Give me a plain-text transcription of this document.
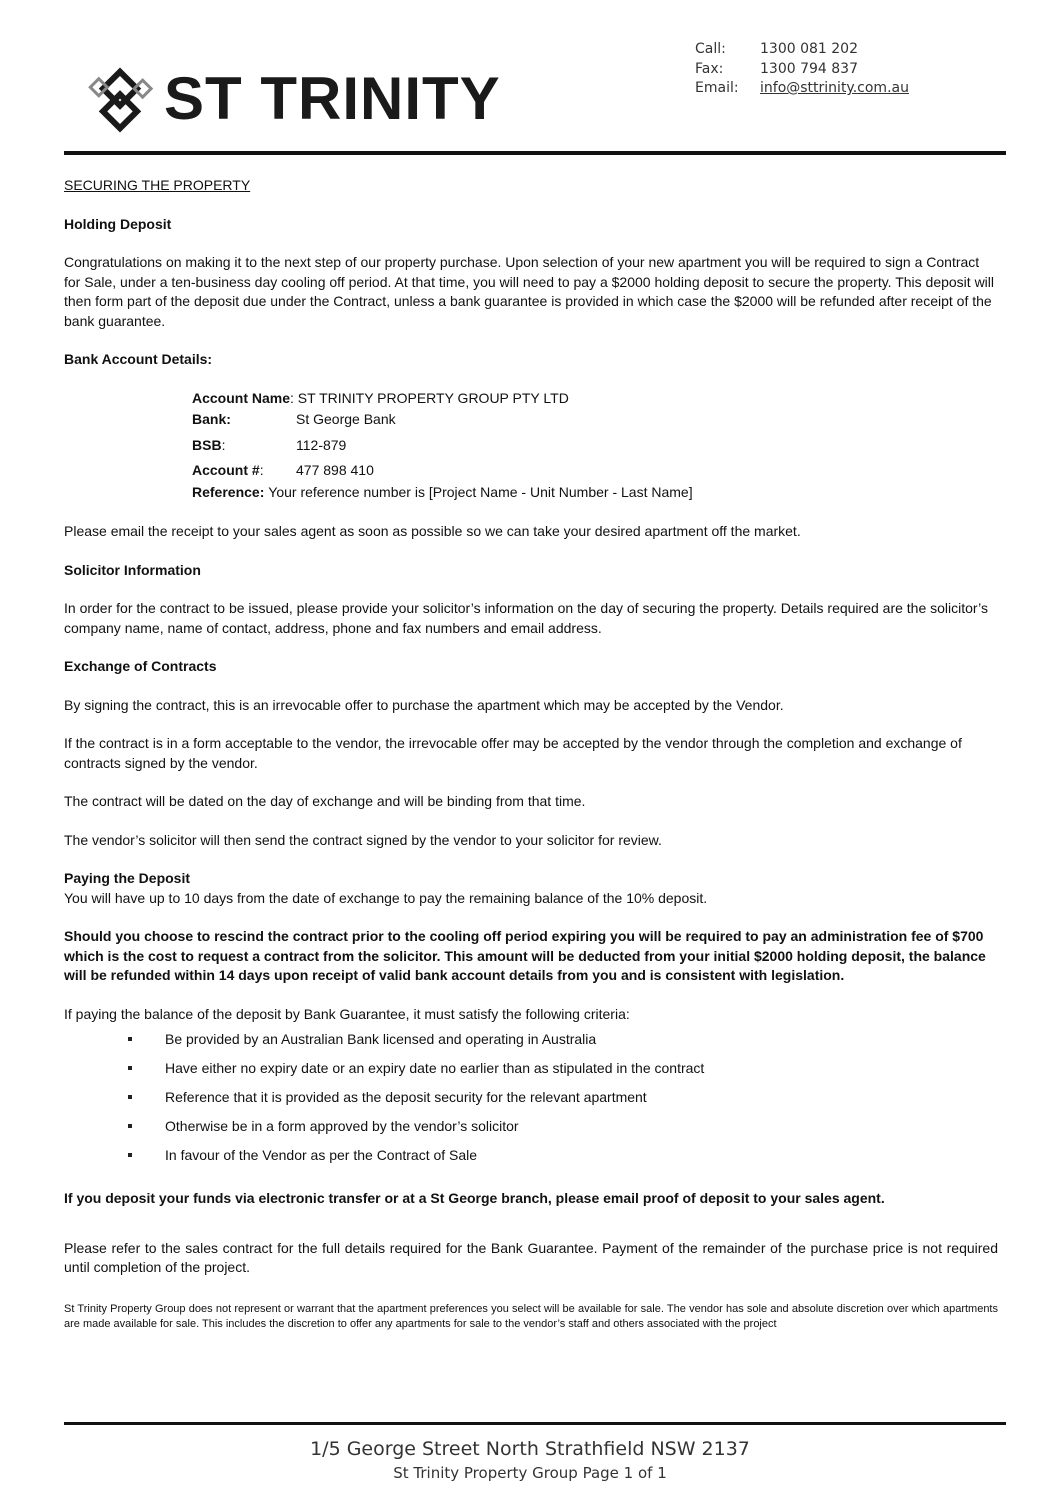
ST TRINITY
Call:	1300 081 202
Fax:	1300 794 837
Email:	info@sttrinity.com.au

SECURING THE PROPERTY

Holding Deposit

Congratulations on making it to the next step of our property purchase. Upon selection of your new apartment you will be required to sign a Contract for Sale, under a ten-business day cooling off period. At that time, you will need to pay a $2000 holding deposit to secure the property. This deposit will then form part of the deposit due under the Contract, unless a bank guarantee is provided in which case the $2000 will be refunded after receipt of the bank guarantee.

Bank Account Details:

Account Name : ST TRINITY PROPERTY GROUP PTY LTD
Bank:	St George Bank
BSB:	112-879
Account #:	477 898 410
Reference:
Your reference number is [Project Name - Unit Number - Last Name]

Please email the receipt to your sales agent as soon as possible so we can take your desired apartment off the market.

Solicitor Information

In order for the contract to be issued, please provide your solicitor’s information on the day of securing the property. Details required are the solicitor’s company name, name of contact, address, phone and fax numbers and email address.

Exchange of Contracts

By signing the contract, this is an irrevocable offer to purchase the apartment which may be accepted by the Vendor.

If the contract is in a form acceptable to the vendor, the irrevocable offer may be accepted by the vendor through the completion and exchange of contracts signed by the vendor.

The contract will be dated on the day of exchange and will be binding from that time.

The vendor’s solicitor will then send the contract signed by the vendor to your solicitor for review.

Paying the Deposit

You will have up to 10 days from the date of exchange to pay the remaining balance of the 10% deposit.

Should you choose to rescind the contract prior to the cooling off period expiring you will be required to pay an administration fee of $700 which is the cost to request a contract from the solicitor. This amount will be deducted from your initial $2000 holding deposit, the balance will be refunded within 14 days upon receipt of valid bank account details from you and is consistent with legislation.

If paying the balance of the deposit by Bank Guarantee, it must satisfy the following criteria:

Be provided by an Australian Bank licensed and operating in Australia
Have either no expiry date or an expiry date no earlier than as stipulated in the contract
Reference that it is provided as the deposit security for the relevant apartment
Otherwise be in a form approved by the vendor’s solicitor
In favour of the Vendor as per the Contract of Sale

If you deposit your funds via electronic transfer or at a St George branch, please email proof of deposit to your sales agent.

Please refer to the sales contract for the full details required for the Bank Guarantee. Payment of the remainder of the purchase price is not required until completion of the project.

St Trinity Property Group does not represent or warrant that the apartment preferences you select will be available for sale. The vendor has sole and absolute discretion over which apartments are made available for sale. This includes the discretion to offer any apartments for sale to the vendor’s staff and others associated with the project

1/5 George Street North Strathfield NSW 2137
St Trinity Property Group Page 1 of 1
